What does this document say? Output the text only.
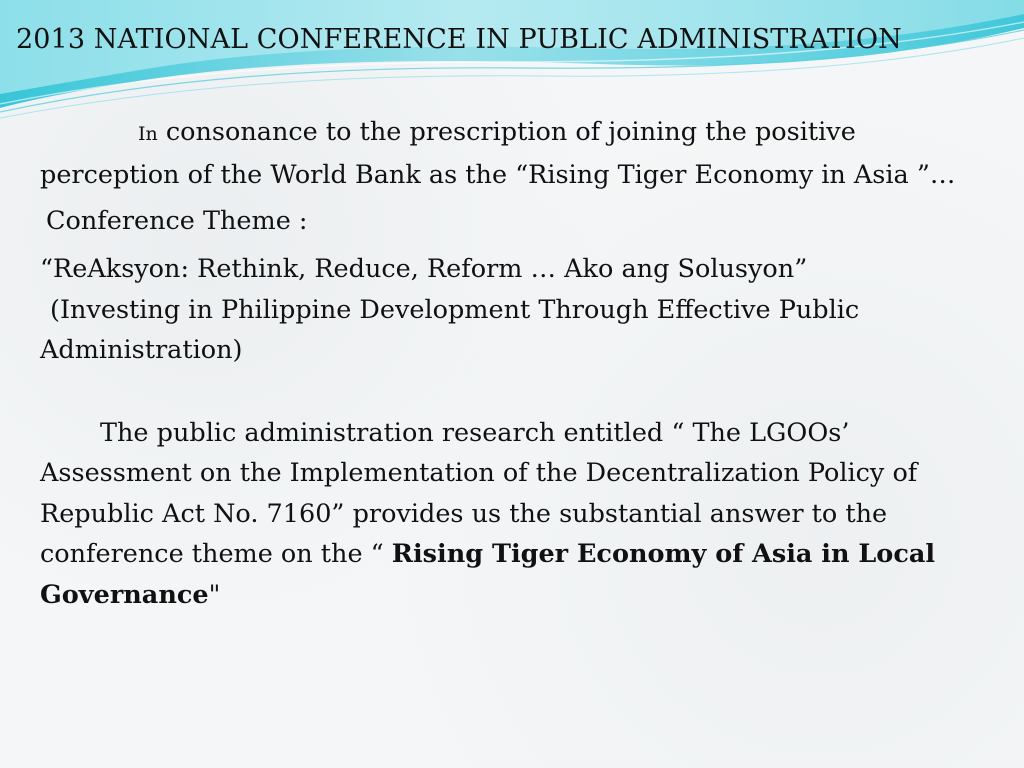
2013 NATIONAL CONFERENCE IN PUBLIC ADMINISTRATION

In consonance to the prescription of joining the positive perception of the World Bank as the “Rising Tiger Economy in Asia ”…

Conference Theme :

“ReAksyon: Rethink, Reduce, Reform … Ako ang Solusyon”

(Investing in Philippine Development Through Effective Public Administration)

The public administration research entitled “ The LGOOs’ Assessment on the Implementation of the Decentralization Policy of Republic Act No. 7160” provides us the substantial answer to the conference theme on the “ Rising Tiger Economy of Asia in Local Governance"
